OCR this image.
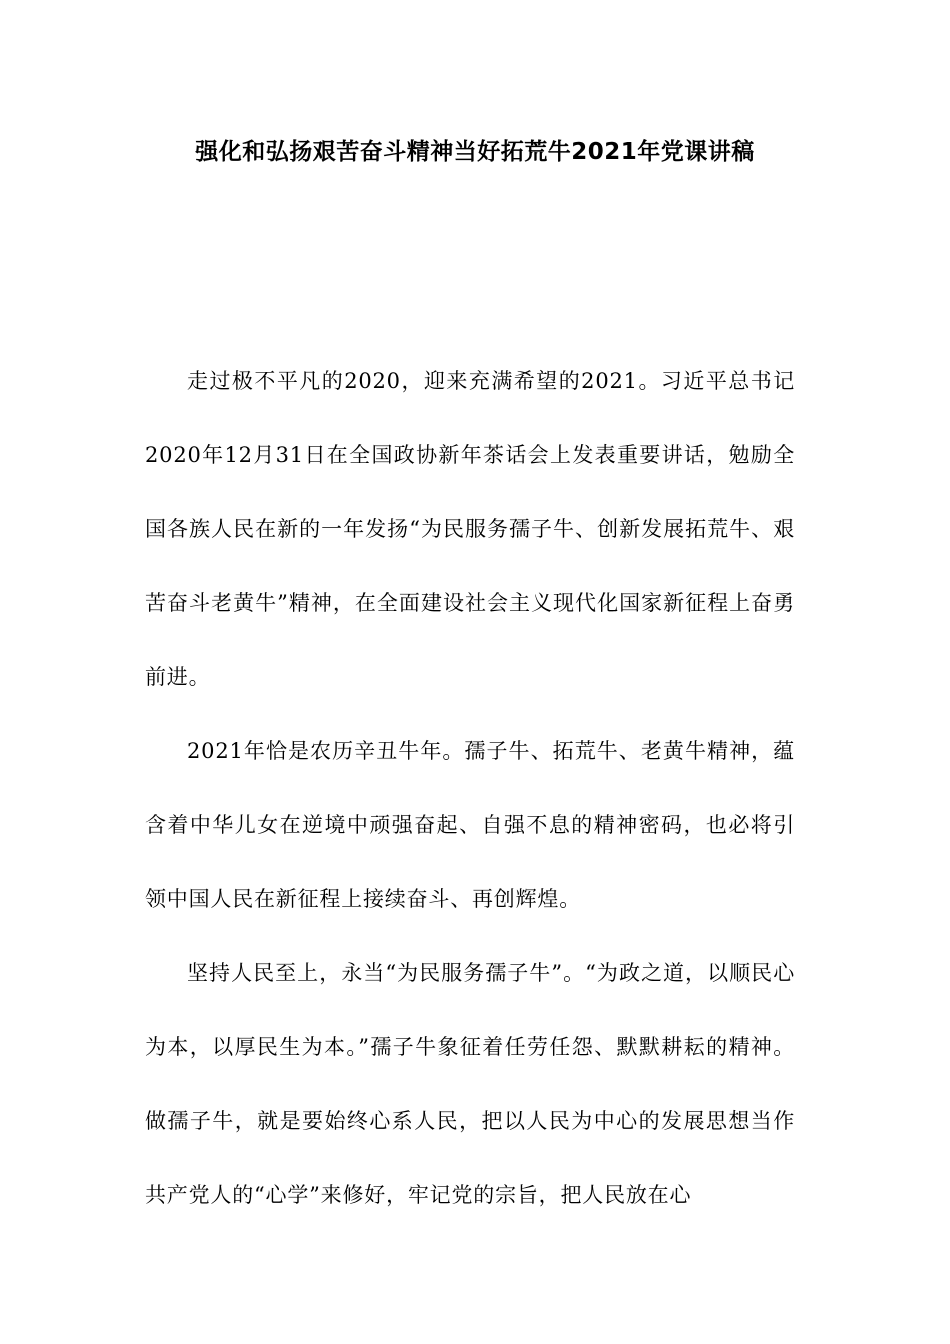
强化和弘扬艰苦奋斗精神当好拓荒牛2021年党课讲稿

走过极不平凡的2020，迎来充满希望的2021。习近平总书记2020年12月31日在全国政协新年茶话会上发表重要讲话，勉励全国各族人民在新的一年发扬“为民服务孺子牛、创新发展拓荒牛、艰苦奋斗老黄牛”精神，在全面建设社会主义现代化国家新征程上奋勇前进。

2021年恰是农历辛丑牛年。孺子牛、拓荒牛、老黄牛精神，蕴含着中华儿女在逆境中顽强奋起、自强不息的精神密码，也必将引领中国人民在新征程上接续奋斗、再创辉煌。

坚持人民至上，永当“为民服务孺子牛”。“为政之道，以顺民心为本，以厚民生为本。”孺子牛象征着任劳任怨、默默耕耘的精神。做孺子牛，就是要始终心系人民，把以人民为中心的发展思想当作共产党人的“心学”来修好，牢记党的宗旨，把人民放在心
